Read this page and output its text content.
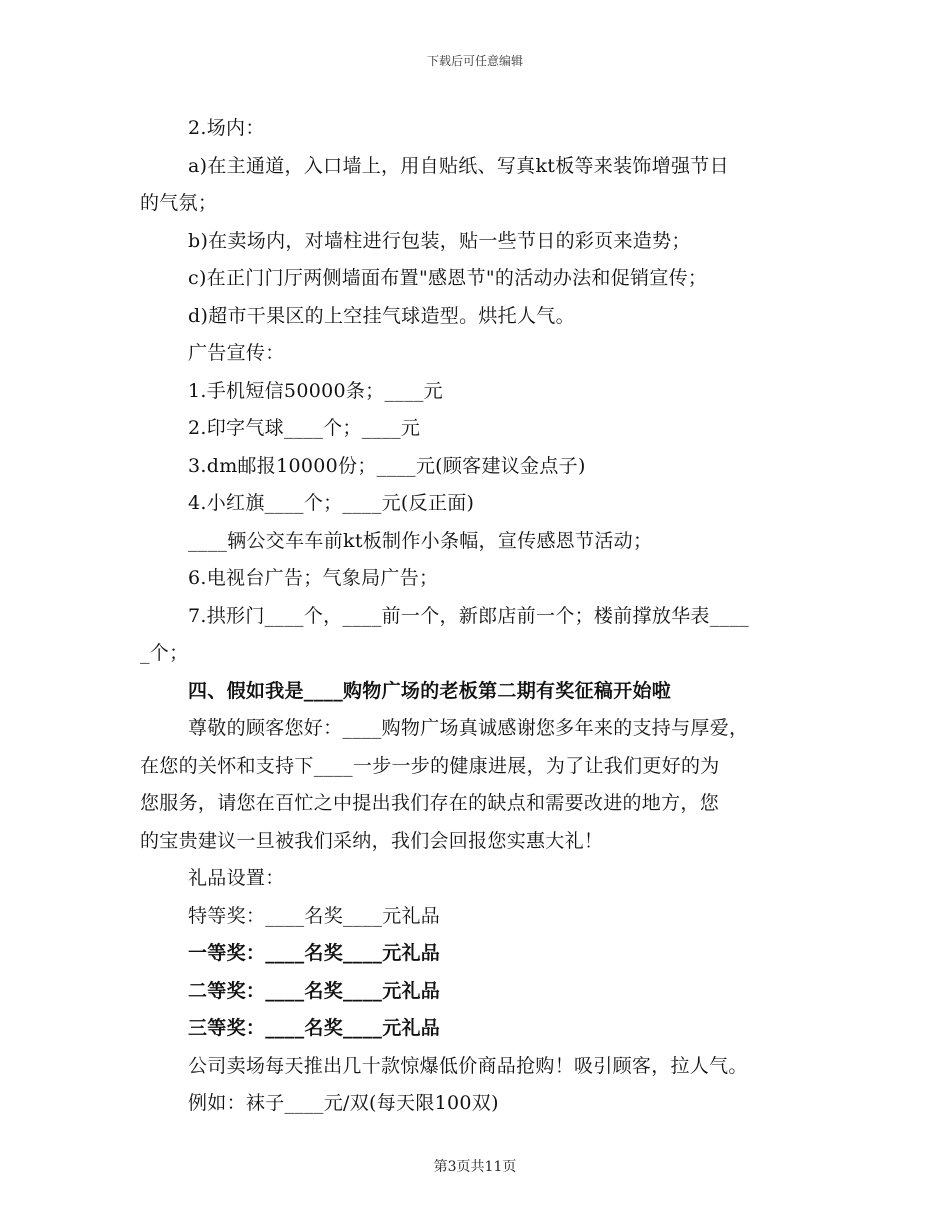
下载后可任意编辑
2.场内：
a)在主通道，入口墙上，用自贴纸、写真kt板等来装饰增强节日
的气氛；
b)在卖场内，对墙柱进行包装，贴一些节日的彩页来造势；
c)在正门门厅两侧墙面布置"感恩节"的活动办法和促销宣传；
d)超市干果区的上空挂气球造型。烘托人气。
广告宣传：
1.手机短信50000条；____元
2.印字气球____个；____元
3.dm邮报10000份；____元(顾客建议金点子)
4.小红旗____个；____元(反正面)
____辆公交车车前kt板制作小条幅，宣传感恩节活动；
6.电视台广告；气象局广告；
7.拱形门____个，____前一个，新郎店前一个；楼前撑放华表____
_个；
四、假如我是____购物广场的老板第二期有奖征稿开始啦
尊敬的顾客您好：____购物广场真诚感谢您多年来的支持与厚爱，
在您的关怀和支持下____一步一步的健康进展，为了让我们更好的为
您服务，请您在百忙之中提出我们存在的缺点和需要改进的地方，您
的宝贵建议一旦被我们采纳，我们会回报您实惠大礼！
礼品设置：
特等奖：____名奖____元礼品
一等奖：____名奖____元礼品
二等奖：____名奖____元礼品
三等奖：____名奖____元礼品
公司卖场每天推出几十款惊爆低价商品抢购！吸引顾客，拉人气。
例如：袜子____元/双(每天限100双)
第3页共11页
